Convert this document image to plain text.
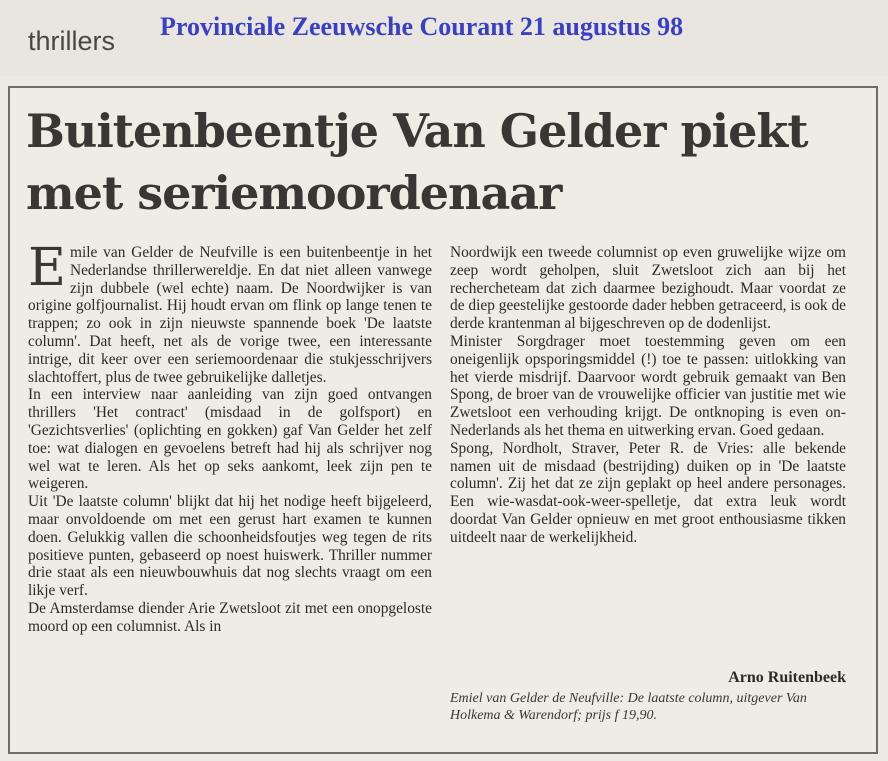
thrillers Provinciale Zeeuwsche Courant 21 augustus 98
Buitenbeentje Van Gelder piekt met seriemoordenaar

Emile van Gelder de Neufville is een buitenbeentje in het Nederlandse thrillerwereldje. En dat niet alleen vanwege zijn dubbele (wel echte) naam. De Noordwijker is van origine golfjournalist. Hij houdt ervan om flink op lange tenen te trappen; zo ook in zijn nieuwste spannende boek 'De laatste column'. Dat heeft, net als de vorige twee, een interessante intrige, dit keer over een seriemoordenaar die stukjesschrijvers slachtoffert, plus de twee gebruikelijke dalletjes.

In een interview naar aanleiding van zijn goed ontvangen thrillers 'Het contract' (misdaad in de golfsport) en 'Gezichtsverlies' (oplichting en gokken) gaf Van Gelder het zelf toe: wat dialogen en gevoelens betreft had hij als schrijver nog wel wat te leren. Als het op seks aankomt, leek zijn pen te weigeren.

Uit 'De laatste column' blijkt dat hij het nodige heeft bijgeleerd, maar onvoldoende om met een gerust hart examen te kunnen doen. Gelukkig vallen die schoonheidsfoutjes weg tegen de rits positieve punten, gebaseerd op noest huiswerk. Thriller nummer drie staat als een nieuwbouwhuis dat nog slechts vraagt om een likje verf.

De Amsterdamse diender Arie Zwetsloot zit met een onopgeloste moord op een columnist. Als in

Noordwijk een tweede columnist op even gruwelijke wijze om zeep wordt geholpen, sluit Zwetsloot zich aan bij het rechercheteam dat zich daarmee bezighoudt. Maar voordat ze de diep geestelijke gestoorde dader hebben getraceerd, is ook de derde krantenman al bijgeschreven op de dodenlijst.

Minister Sorgdrager moet toestemming geven om een oneigenlijk opsporingsmiddel (!) toe te passen: uitlokking van het vierde misdrijf. Daarvoor wordt gebruik gemaakt van Ben Spong, de broer van de vrouwelijke officier van justitie met wie Zwetsloot een verhouding krijgt. De ontknoping is even on-Nederlands als het thema en uitwerking ervan. Goed gedaan.

Spong, Nordholt, Straver, Peter R. de Vries: alle bekende namen uit de misdaad (bestrijding) duiken op in 'De laatste column'. Zij het dat ze zijn geplakt op heel andere personages. Een wie-wasdat-ook-weer-spelletje, dat extra leuk wordt doordat Van Gelder opnieuw en met groot enthousiasme tikken uitdeelt naar de werkelijkheid.

Arno Ruitenbeek
Emiel van Gelder de Neufville: De laatste column, uitgever Van Holkema & Warendorf; prijs f 19,90.
